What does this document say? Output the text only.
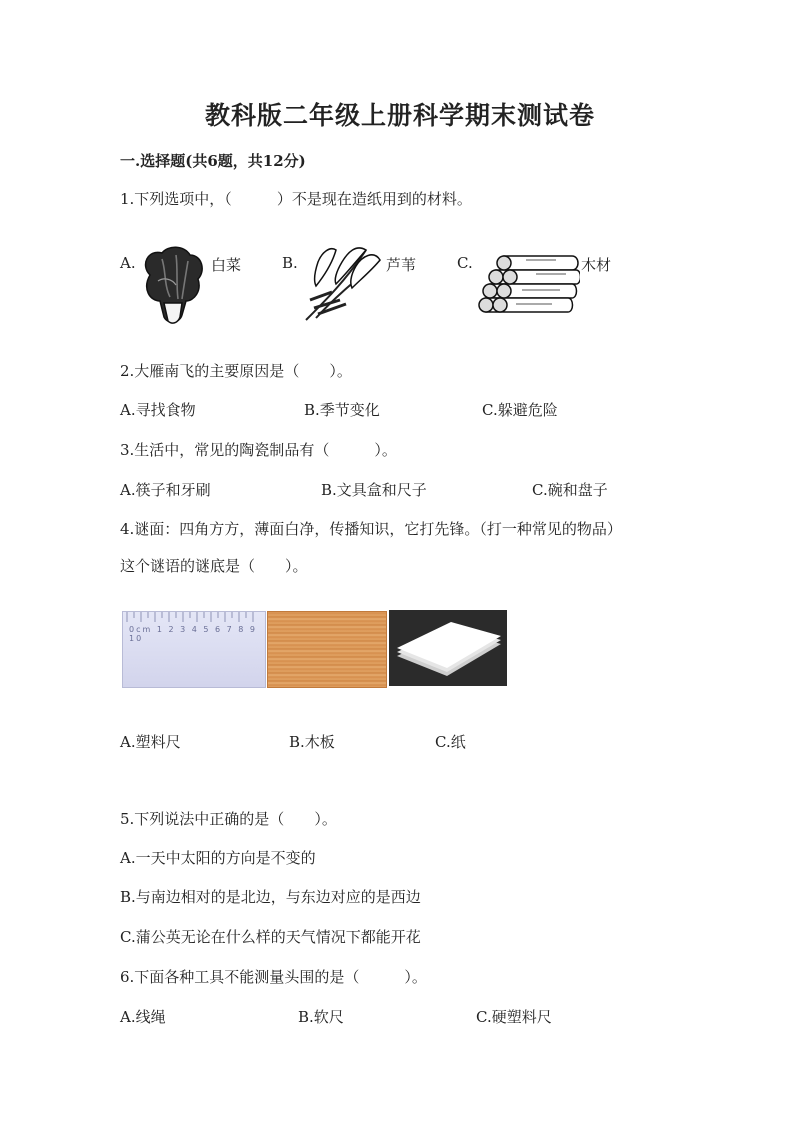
教科版二年级上册科学期末测试卷
一.选择题(共6题，共12分)
1.下列选项中，（　　　）不是现在造纸用到的材料。
A.	白菜	B.	芦苇	C.	木材
2.大雁南飞的主要原因是（　　）。
A.寻找食物	B.季节变化	C.躲避危险
3.生活中，常见的陶瓷制品有（　　　）。
A.筷子和牙刷	B.文具盒和尺子	C.碗和盘子
4.谜面：四角方方，薄面白净，传播知识，它打先锋。（打一种常见的物品）
这个谜语的谜底是（　　）。
0cm 1 2 3 4 5 6 7 8 9 10
A.塑料尺	B.木板	C.纸
5.下列说法中正确的是（　　）。
A.一天中太阳的方向是不变的
B.与南边相对的是北边，与东边对应的是西边
C.蒲公英无论在什么样的天气情况下都能开花
6.下面各种工具不能测量头围的是（　　　）。
A.线绳	B.软尺	C.硬塑料尺
